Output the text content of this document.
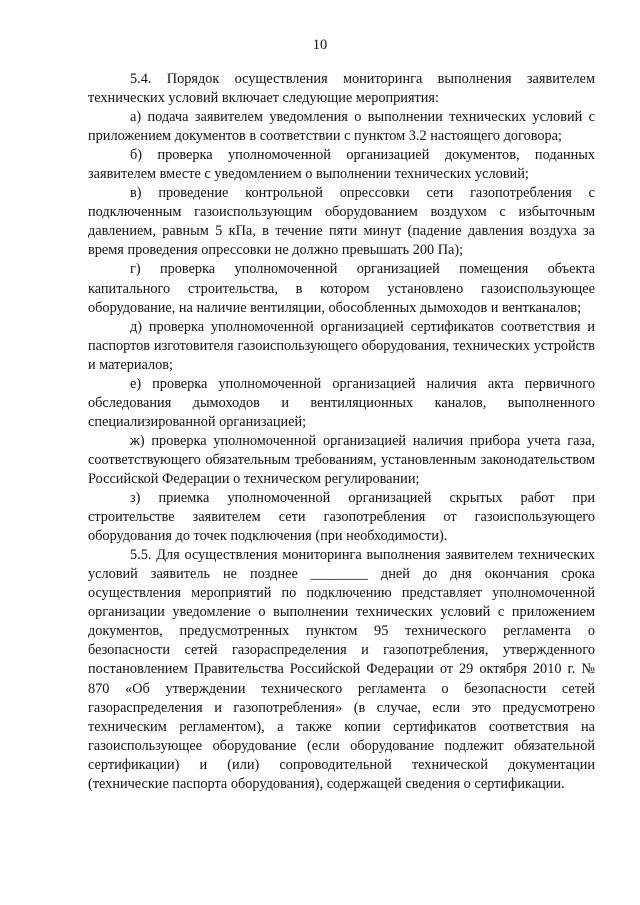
10

5.4. Порядок осуществления мониторинга выполнения заявителем технических условий включает следующие мероприятия:

а) подача заявителем уведомления о выполнении технических условий с приложением документов в соответствии с пунктом 3.2 настоящего договора;

б) проверка уполномоченной организацией документов, поданных заявителем вместе с уведомлением о выполнении технических условий;

в) проведение контрольной опрессовки сети газопотребления с подключенным газоиспользующим оборудованием воздухом с избыточным давлением, равным 5 кПа, в течение пяти минут (падение давления воздуха за время проведения опрессовки не должно превышать 200 Па);

г) проверка уполномоченной организацией помещения объекта капитального строительства, в котором установлено газоиспользующее оборудование, на наличие вентиляции, обособленных дымоходов и вентканалов;

д) проверка уполномоченной организацией сертификатов соответствия и паспортов изготовителя газоиспользующего оборудования, технических устройств и материалов;

е) проверка уполномоченной организацией наличия акта первичного обследования дымоходов и вентиляционных каналов, выполненного специализированной организацией;

ж) проверка уполномоченной организацией наличия прибора учета газа, соответствующего обязательным требованиям, установленным законодательством Российской Федерации о техническом регулировании;

з) приемка уполномоченной организацией скрытых работ при строительстве заявителем сети газопотребления от газоиспользующего оборудования до точек подключения (при необходимости).

5.5. Для осуществления мониторинга выполнения заявителем технических условий заявитель не позднее ________ дней до дня окончания срока осуществления мероприятий по подключению представляет уполномоченной организации уведомление о выполнении технических условий с приложением документов, предусмотренных пунктом 95 технического регламента о безопасности сетей газораспределения и газопотребления, утвержденного постановлением Правительства Российской Федерации от 29 октября 2010 г. № 870 «Об утверждении технического регламента о безопасности сетей газораспределения и газопотребления» (в случае, если это предусмотрено техническим регламентом), а также копии сертификатов соответствия на газоиспользующее оборудование (если оборудование подлежит обязательной сертификации) и (или) сопроводительной технической документации (технические паспорта оборудования), содержащей сведения о сертификации.
